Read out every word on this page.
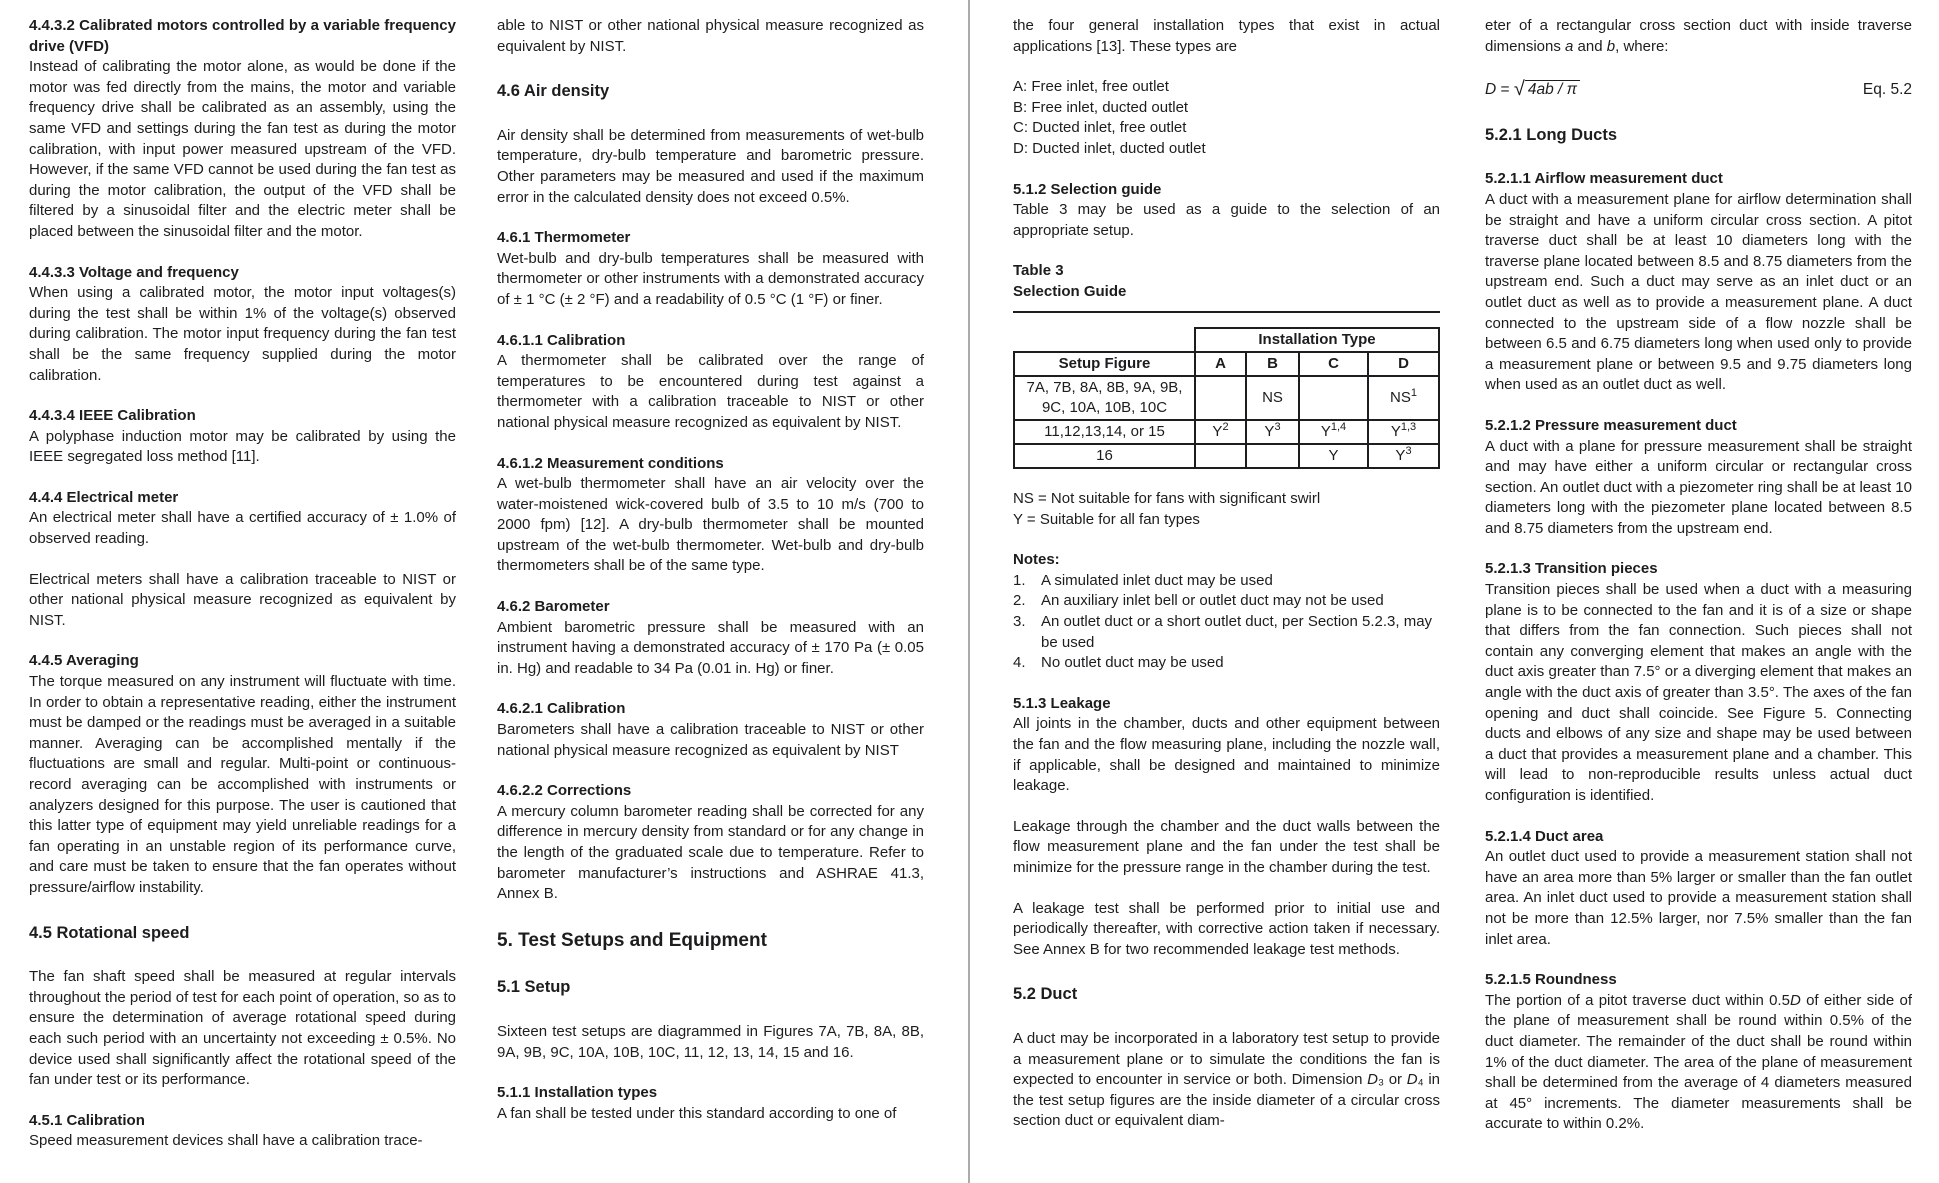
4.4.3.2 Calibrated motors controlled by a variable frequency drive (VFD)
Instead of calibrating the motor alone, as would be done if the motor was fed directly from the mains, the motor and variable frequency drive shall be calibrated as an assembly, using the same VFD and settings during the fan test as during the motor calibration, with input power measured upstream of the VFD. However, if the same VFD cannot be used during the fan test as during the motor calibration, the output of the VFD shall be filtered by a sinusoidal filter and the electric meter shall be placed between the sinusoidal filter and the motor.
4.4.3.3 Voltage and frequency
When using a calibrated motor, the motor input voltages(s) during the test shall be within 1% of the voltage(s) observed during calibration. The motor input frequency during the fan test shall be the same frequency supplied during the motor calibration.
4.4.3.4 IEEE Calibration
A polyphase induction motor may be calibrated by using the IEEE segregated loss method [11].
4.4.4 Electrical meter
An electrical meter shall have a certified accuracy of ± 1.0% of observed reading.
Electrical meters shall have a calibration traceable to NIST or other national physical measure recognized as equivalent by NIST.
4.4.5 Averaging
The torque measured on any instrument will fluctuate with time. In order to obtain a representative reading, either the instrument must be damped or the readings must be averaged in a suitable manner. Averaging can be accomplished mentally if the fluctuations are small and regular. Multi-point or continuous-record averaging can be accomplished with instruments or analyzers designed for this purpose. The user is cautioned that this latter type of equipment may yield unreliable readings for a fan operating in an unstable region of its performance curve, and care must be taken to ensure that the fan operates without pressure/airflow instability.
4.5 Rotational speed
The fan shaft speed shall be measured at regular intervals throughout the period of test for each point of operation, so as to ensure the determination of average rotational speed during each such period with an uncertainty not exceeding ± 0.5%. No device used shall significantly affect the rotational speed of the fan under test or its performance.
4.5.1 Calibration
Speed measurement devices shall have a calibration trace-
able to NIST or other national physical measure recognized as equivalent by NIST.
4.6 Air density
Air density shall be determined from measurements of wet-bulb temperature, dry-bulb temperature and barometric pressure. Other parameters may be measured and used if the maximum error in the calculated density does not exceed 0.5%.
4.6.1 Thermometer
Wet-bulb and dry-bulb temperatures shall be measured with thermometer or other instruments with a demonstrated accuracy of ± 1 °C (± 2 °F) and a readability of 0.5 °C (1 °F) or finer.
4.6.1.1 Calibration
A thermometer shall be calibrated over the range of temperatures to be encountered during test against a thermometer with a calibration traceable to NIST or other national physical measure recognized as equivalent by NIST.
4.6.1.2 Measurement conditions
A wet-bulb thermometer shall have an air velocity over the water-moistened wick-covered bulb of 3.5 to 10 m/s (700 to 2000 fpm) [12]. A dry-bulb thermometer shall be mounted upstream of the wet-bulb thermometer. Wet-bulb and dry-bulb thermometers shall be of the same type.
4.6.2 Barometer
Ambient barometric pressure shall be measured with an instrument having a demonstrated accuracy of ± 170 Pa (± 0.05 in. Hg) and readable to 34 Pa (0.01 in. Hg) or finer.
4.6.2.1 Calibration
Barometers shall have a calibration traceable to NIST or other national physical measure recognized as equivalent by NIST
4.6.2.2 Corrections
A mercury column barometer reading shall be corrected for any difference in mercury density from standard or for any change in the length of the graduated scale due to temperature. Refer to barometer manufacturer’s instructions and ASHRAE 41.3, Annex B.
5. Test Setups and Equipment
5.1 Setup
Sixteen test setups are diagrammed in Figures 7A, 7B, 8A, 8B, 9A, 9B, 9C, 10A, 10B, 10C, 11, 12, 13, 14, 15 and 16.
5.1.1 Installation types
A fan shall be tested under this standard according to one of
the four general installation types that exist in actual applications [13]. These types are
A: Free inlet, free outlet
B: Free inlet, ducted outlet
C: Ducted inlet, free outlet
D: Ducted inlet, ducted outlet
5.1.2 Selection guide
Table 3 may be used as a guide to the selection of an appropriate setup.
Table 3
Selection Guide
	Installation Type			
Setup Figure	A	B	C	D
7A, 7B, 8A, 8B, 9A, 9B, 9C, 10A, 10B, 10C		NS		$NS^1$
11,12,13,14, or 15	$Y^2$	$Y^3$	Y$^{1,4}$	Y$^{1,3}$
16			Y	$Y^3$
NS = Not suitable for fans with significant swirl
Y = Suitable for all fan types
Notes:
1.	A simulated inlet duct may be used
2.	An auxiliary inlet bell or outlet duct may not be used
3.	An outlet duct or a short outlet duct, per Section 5.2.3, may be used
4.	No outlet duct may be used
5.1.3 Leakage
All joints in the chamber, ducts and other equipment between the fan and the flow measuring plane, including the nozzle wall, if applicable, shall be designed and maintained to minimize leakage.
Leakage through the chamber and the duct walls between the flow measurement plane and the fan under the test shall be minimize for the pressure range in the chamber during the test.
A leakage test shall be performed prior to initial use and periodically thereafter, with corrective action taken if necessary. See Annex B for two recommended leakage test methods.
5.2 Duct
A duct may be incorporated in a laboratory test setup to provide a measurement plane or to simulate the conditions the fan is expected to encounter in service or both. Dimension D₃ or D₄ in the test setup figures are the inside diameter of a circular cross section duct or equivalent diam-
eter of a rectangular cross section duct with inside traverse dimensions a and b, where:
D = √ 4ab / π	Eq. 5.2
5.2.1 Long Ducts
5.2.1.1 Airflow measurement duct
A duct with a measurement plane for airflow determination shall be straight and have a uniform circular cross section. A pitot traverse duct shall be at least 10 diameters long with the traverse plane located between 8.5 and 8.75 diameters from the upstream end. Such a duct may serve as an inlet duct or an outlet duct as well as to provide a measurement plane. A duct connected to the upstream side of a flow nozzle shall be between 6.5 and 6.75 diameters long when used only to provide a measurement plane or between 9.5 and 9.75 diameters long when used as an outlet duct as well.
5.2.1.2 Pressure measurement duct
A duct with a plane for pressure measurement shall be straight and may have either a uniform circular or rectangular cross section. An outlet duct with a piezometer ring shall be at least 10 diameters long with the piezometer plane located between 8.5 and 8.75 diameters from the upstream end.
5.2.1.3 Transition pieces
Transition pieces shall be used when a duct with a measuring plane is to be connected to the fan and it is of a size or shape that differs from the fan connection. Such pieces shall not contain any converging element that makes an angle with the duct axis greater than 7.5° or a diverging element that makes an angle with the duct axis of greater than 3.5°. The axes of the fan opening and duct shall coincide. See Figure 5. Connecting ducts and elbows of any size and shape may be used between a duct that provides a measurement plane and a chamber. This will lead to non-reproducible results unless actual duct configuration is identified.
5.2.1.4 Duct area
An outlet duct used to provide a measurement station shall not have an area more than 5% larger or smaller than the fan outlet area. An inlet duct used to provide a measurement station shall not be more than 12.5% larger, nor 7.5% smaller than the fan inlet area.
5.2.1.5 Roundness
The portion of a pitot traverse duct within 0.5D of either side of the plane of measurement shall be round within 0.5% of the duct diameter. The remainder of the duct shall be round within 1% of the duct diameter. The area of the plane of measurement shall be determined from the average of 4 diameters measured at 45° increments. The diameter measurements shall be accurate to within 0.2%.
